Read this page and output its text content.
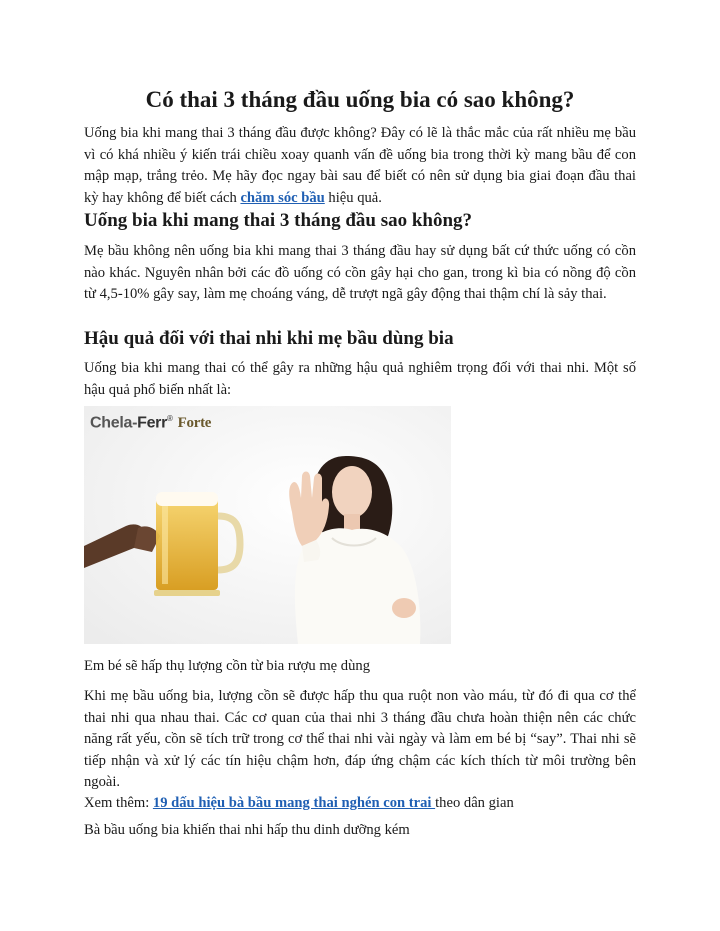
Có thai 3 tháng đầu uống bia có sao không?

Uống bia khi mang thai 3 tháng đầu được không? Đây có lẽ là thắc mắc của rất nhiều mẹ bầu vì có khá nhiều ý kiến trái chiều xoay quanh vấn đề uống bia trong thời kỳ mang bầu để con mập mạp, trắng trẻo. Mẹ hãy đọc ngay bài sau để biết có nên sử dụng bia giai đoạn đầu thai kỳ hay không để biết cách chăm sóc bầu hiệu quả.

Uống bia khi mang thai 3 tháng đầu sao không?

Mẹ bầu không nên uống bia khi mang thai 3 tháng đầu hay sử dụng bất cứ thức uống có cồn nào khác. Nguyên nhân bởi các đồ uống có cồn gây hại cho gan, trong kì bia có nồng độ cồn từ 4,5-10% gây say, làm mẹ choáng váng, dễ trượt ngã gây động thai thậm chí là sảy thai.

Hậu quả đối với thai nhi khi mẹ bầu dùng bia

Uống bia khi mang thai có thể gây ra những hậu quả nghiêm trọng đối với thai nhi. Một số hậu quả phổ biến nhất là:

Chela-Ferr® Forte

Em bé sẽ hấp thụ lượng cồn từ bia rượu mẹ dùng

Khi mẹ bầu uống bia, lượng cồn sẽ được hấp thu qua ruột non vào máu, từ đó đi qua cơ thể thai nhi qua nhau thai. Các cơ quan của thai nhi 3 tháng đầu chưa hoàn thiện nên các chức năng rất yếu, cồn sẽ tích trữ trong cơ thể thai nhi vài ngày và làm em bé bị “say”. Thai nhi sẽ tiếp nhận và xử lý các tín hiệu chậm hơn, đáp ứng chậm các kích thích từ môi trường bên ngoài.

Xem thêm: 19 dấu hiệu bà bầu mang thai nghén con trai theo dân gian

Bà bầu uống bia khiến thai nhi hấp thu dinh dưỡng kém
